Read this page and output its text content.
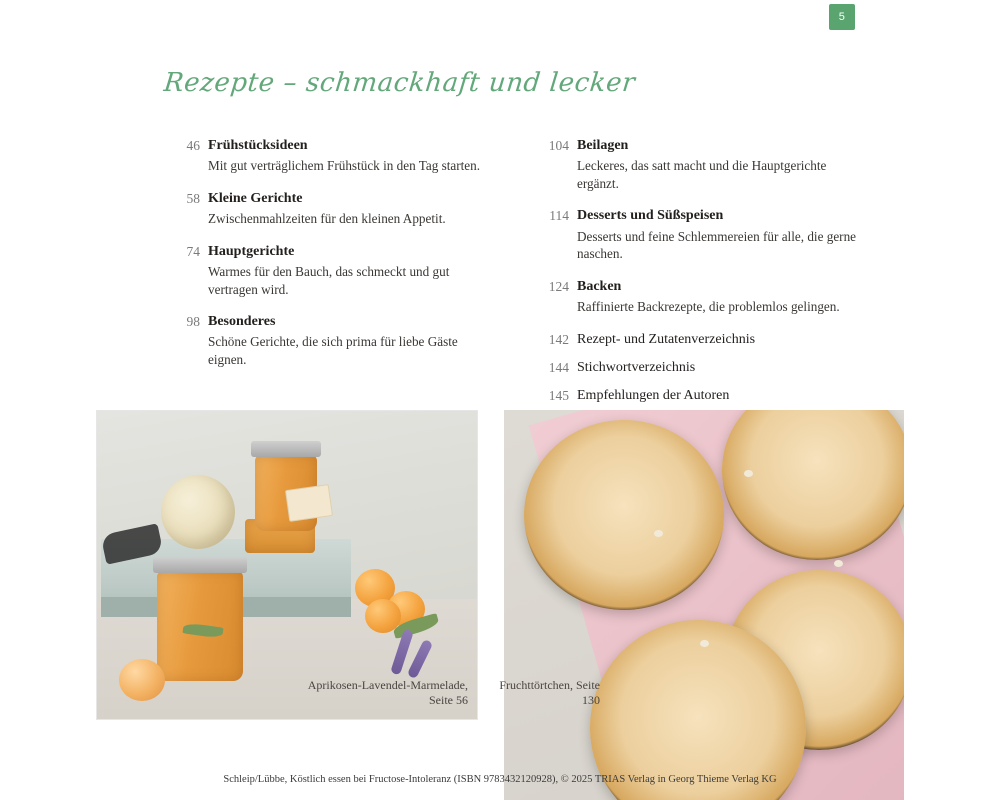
5
Rezepte – schmackhaft und lecker
46 Frühstücksideen
Mit gut verträglichem Frühstück in den Tag starten.
58 Kleine Gerichte
Zwischenmahlzeiten für den kleinen Appetit.
74 Hauptgerichte
Warmes für den Bauch, das schmeckt und gut vertragen wird.
98 Besonderes
Schöne Gerichte, die sich prima für liebe Gäste eignen.
104 Beilagen
Leckeres, das satt macht und die Hauptgerichte ergänzt.
114 Desserts und Süßspeisen
Desserts und feine Schlemmereien für alle, die gerne naschen.
124 Backen
Raffinierte Backrezepte, die problemlos gelingen.
142 Rezept- und Zutatenverzeichnis
144 Stichwortverzeichnis
145 Empfehlungen der Autoren
Aprikosen-Lavendel-Marmelade, Seite 56
Fruchttörtchen, Seite 130
Schleip/Lübbe, Köstlich essen bei Fructose-Intoleranz (ISBN 9783432120928), © 2025 TRIAS Verlag in Georg Thieme Verlag KG
